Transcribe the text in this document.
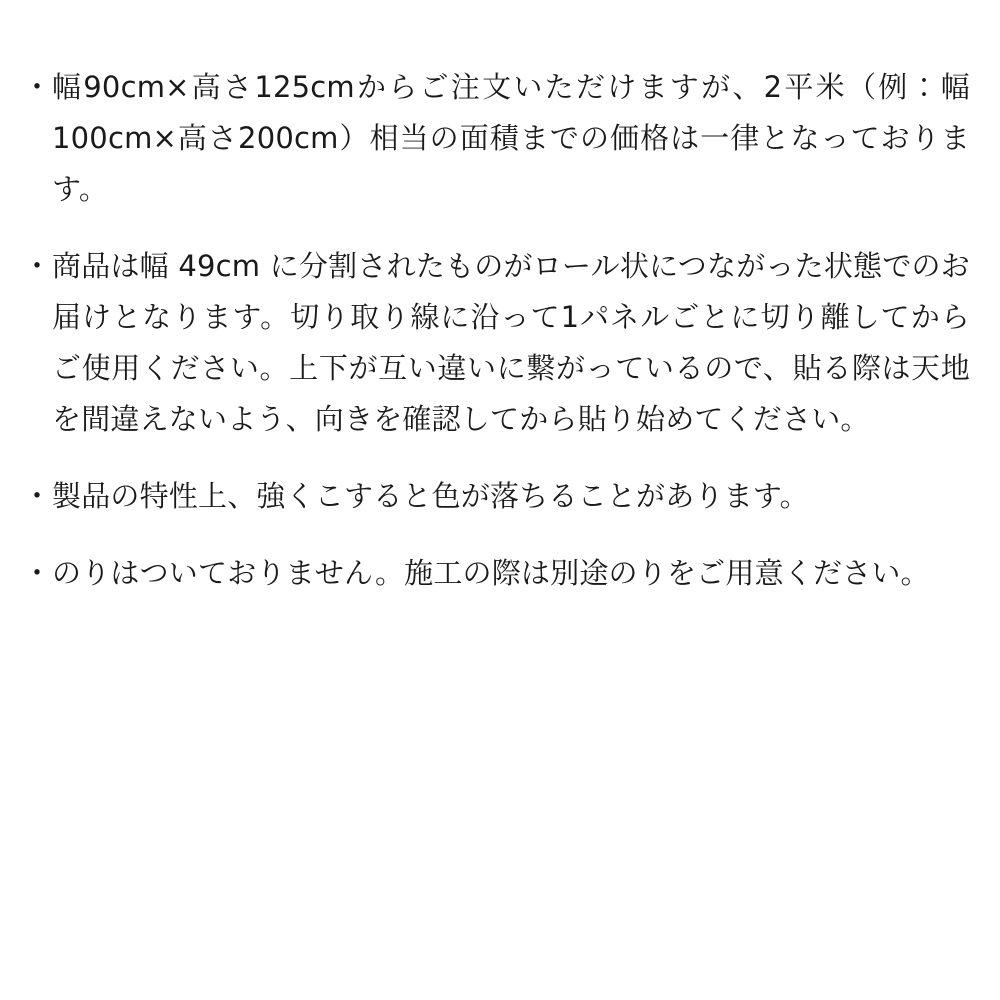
・ 幅90cm×高さ125cmからご注文いただけますが、2平米（例：幅100cm×高さ200cm）相当の面積までの価格は一律となっております。
・ 商品は幅 49cm に分割されたものがロール状につながった状態でのお届けとなります。切り取り線に沿って1パネルごとに切り離してからご使用ください。上下が互い違いに繋がっているので、貼る際は天地を間違えないよう、向きを確認してから貼り始めてください。
・ 製品の特性上、強くこすると色が落ちることがあります。
・ のりはついておりません。施工の際は別途のりをご用意ください。
